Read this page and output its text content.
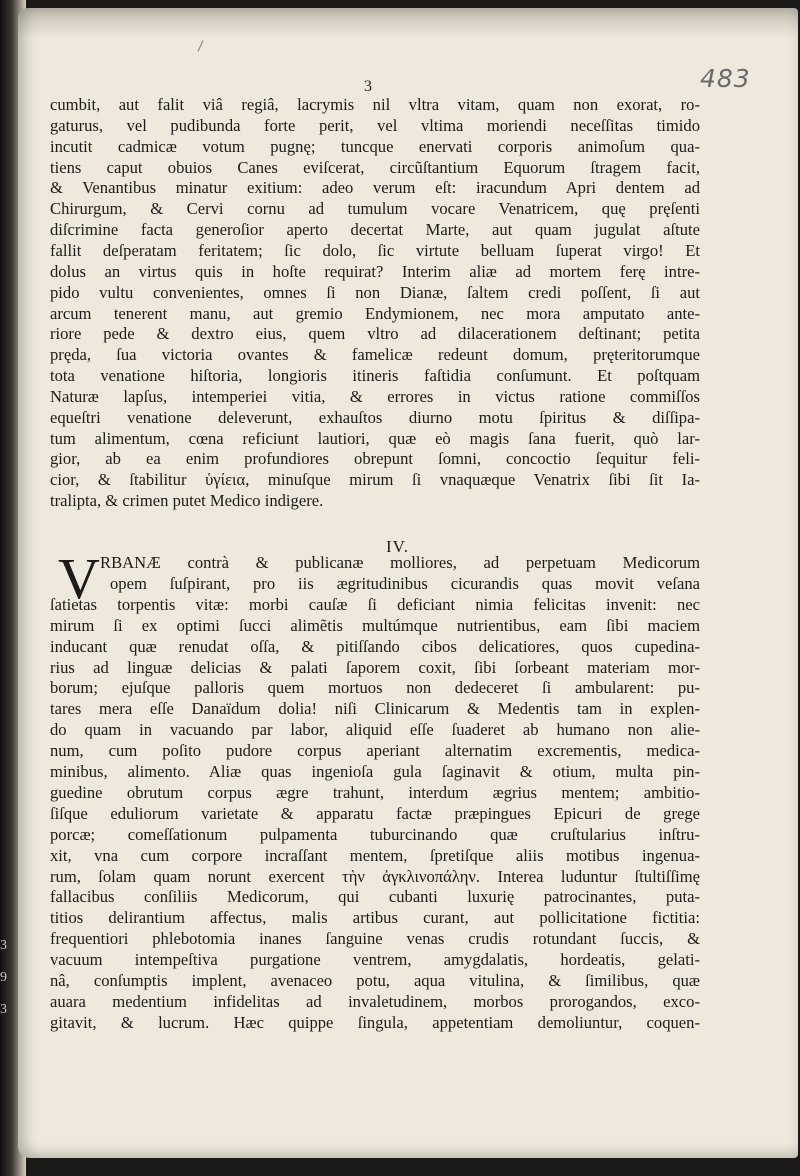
3	483
3
9
3
cumbit, aut falit viâ regiâ, lacrymis nil vltra vitam, quam non exorat, ro-
gaturus, vel pudibunda forte perit, vel vltima moriendi neceſſitas timido
incutit cadmicæ votum pugnę; tuncque enervati corporis animoſum qua-
tiens caput obuios Canes eviſcerat, circũſtantium Equorum ſtragem facit,
& Venantibus minatur exitium: adeo verum eſt: iracundum Apri dentem ad
Chirurgum, & Cervi cornu ad tumulum vocare Venatricem, quę pręſenti
diſcrimine facta generoſior aperto decertat Marte, aut quam jugulat aſtute
fallit deſperatam feritatem; ſic dolo, ſic virtute belluam ſuperat virgo! Et
dolus an virtus quis in hoſte requirat? Interim aliæ ad mortem ferę intre-
pido vultu convenientes, omnes ſi non Dianæ, ſaltem credi poſſent, ſi aut
arcum tenerent manu, aut gremio Endymionem, nec mora amputato ante-
riore pede & dextro eius, quem vltro ad dilacerationem deſtinant; petita
pręda, ſua victoria ovantes & famelicæ redeunt domum, pręteritorumque
tota venatione hiſtoria, longioris itineris faſtidia conſumunt. Et poſtquam
Naturæ lapſus, intemperiei vitia, & errores in victus ratione commiſſos
equeſtri venatione deleverunt, exhauſtos diurno motu ſpiritus & diſſipa-
tum alimentum, cœna reficiunt lautiori, quæ eò magis ſana fuerit, quò lar-
gior, ab ea enim profundiores obrepunt ſomni, concoctio ſequitur feli-
cior, & ſtabilitur ὑγίεια, minuſque mirum ſi vnaquæque Venatrix ſibi ſit Ia-
tralipta, & crimen putet Medico indigere.
RBANÆ contrà & publicanæ molliores, ad perpetuam Medicorum
opem ſuſpirant, pro iis ægritudinibus cicurandis quas movit veſana
ſatietas torpentis vitæ: morbi cauſæ ſi deficiant nimia felicitas invenit: nec
mirum ſi ex optimi ſucci alimẽtis multúmque nutrientibus, eam ſibi maciem
inducant quæ renudat oſſa, & pitiſſando cibos delicatiores, quos cupedina-
rius ad linguæ delicias & palati ſaporem coxit, ſibi ſorbeant materiam mor-
borum; ejuſque palloris quem mortuos non dedeceret ſi ambularent: pu-
tares mera eſſe Danaïdum dolia! niſi Clinicarum & Medentis tam in explen-
do quam in vacuando par labor, aliquid eſſe ſuaderet ab humano non alie-
num, cum poſito pudore corpus aperiant alternatim excrementis, medica-
minibus, alimento. Aliæ quas ingenioſa gula ſaginavit & otium, multa pin-
guedine obrutum corpus ægre trahunt, interdum ægrius mentem; ambitio-
ſiſque eduliorum varietate & apparatu factæ præpingues Epicuri de grege
porcæ; comeſſationum pulpamenta tuburcinando quæ cruſtularius inſtru-
xit, vna cum corpore incraſſant mentem, ſpretiſque aliis motibus ingenua-
rum, ſolam quam norunt exercent τὴν ἀγκλινοπάλην. Interea luduntur ſtultiſſimę
fallacibus conſiliis Medicorum, qui cubanti luxurię patrocinantes, puta-
titios delirantium affectus, malis artibus curant, aut pollicitatione fictitia:
frequentiori phlebotomia inanes ſanguine venas crudis rotundant ſuccis, &
vacuum intempeſtiva purgatione ventrem, amygdalatis, hordeatis, gelati-
nâ, conſumptis implent, avenaceo potu, aqua vitulina, & ſimilibus, quæ
auara medentium infidelitas ad invaletudinem, morbos prorogandos, exco-
gitavit, & lucrum. Hæc quippe ſingula, appetentiam demoliuntur, coquen-
IV.
V
